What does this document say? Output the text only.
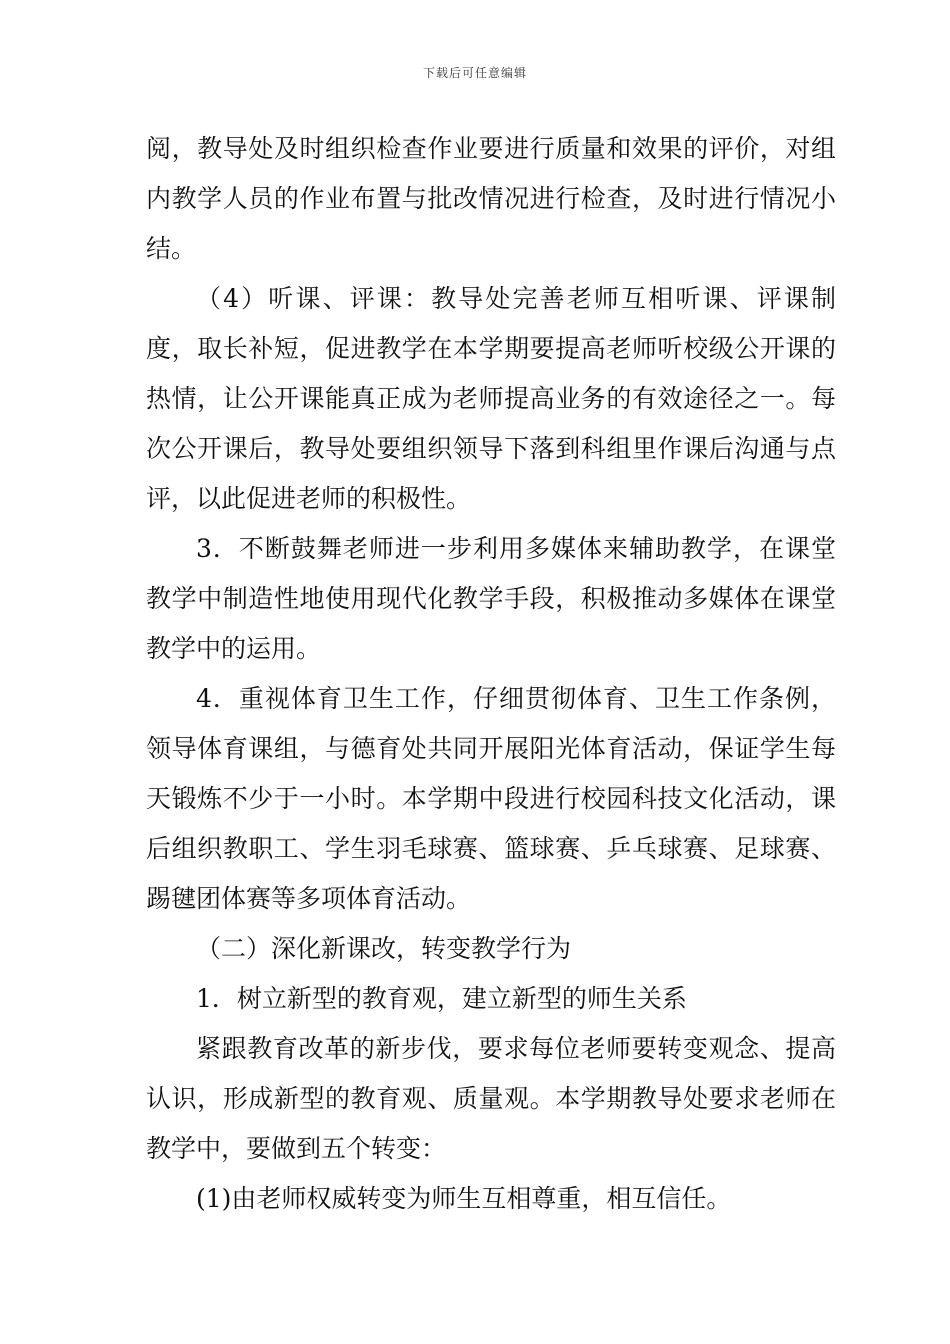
下载后可任意编辑

阅，教导处及时组织检查作业要进行质量和效果的评价，对组内教学人员的作业布置与批改情况进行检查，及时进行情况小结。

（4）听课、评课：教导处完善老师互相听课、评课制度，取长补短，促进教学在本学期要提高老师听校级公开课的热情，让公开课能真正成为老师提高业务的有效途径之一。每次公开课后，教导处要组织领导下落到科组里作课后沟通与点评，以此促进老师的积极性。

3．不断鼓舞老师进一步利用多媒体来辅助教学，在课堂教学中制造性地使用现代化教学手段，积极推动多媒体在课堂教学中的运用。

4．重视体育卫生工作，仔细贯彻体育、卫生工作条例，领导体育课组，与德育处共同开展阳光体育活动，保证学生每天锻炼不少于一小时。本学期中段进行校园科技文化活动，课后组织教职工、学生羽毛球赛、篮球赛、乒乓球赛、足球赛、踢毽团体赛等多项体育活动。

（二）深化新课改，转变教学行为

1．树立新型的教育观，建立新型的师生关系

紧跟教育改革的新步伐，要求每位老师要转变观念、提高认识，形成新型的教育观、质量观。本学期教导处要求老师在教学中，要做到五个转变：

(1)由老师权威转变为师生互相尊重，相互信任。
